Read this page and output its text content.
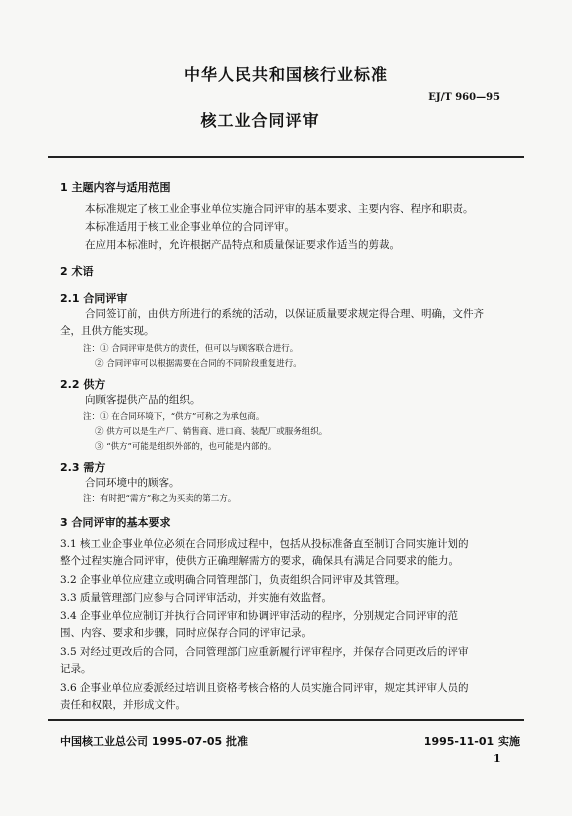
中华人民共和国核行业标准
EJ/T 960—95
核工业合同评审
1 主题内容与适用范围
本标准规定了核工业企事业单位实施合同评审的基本要求、主要内容、程序和职责。
本标准适用于核工业企事业单位的合同评审。
在应用本标准时，允许根据产品特点和质量保证要求作适当的剪裁。
2 术语
2.1 合同评审
合同签订前，由供方所进行的系统的活动，以保证质量要求规定得合理、明确，文件齐
全，且供方能实现。
注：① 合同评审是供方的责任，但可以与顾客联合进行。
② 合同评审可以根据需要在合同的不同阶段重复进行。
2.2 供方
向顾客提供产品的组织。
注：① 在合同环境下，“供方”可称之为承包商。
② 供方可以是生产厂、销售商、进口商、装配厂或服务组织。
③ “供方”可能是组织外部的，也可能是内部的。
2.3 需方
合同环境中的顾客。
注：有时把“需方”称之为买卖的第二方。
3 合同评审的基本要求
3.1 核工业企事业单位必须在合同形成过程中，包括从投标准备直至制订合同实施计划的
整个过程实施合同评审，使供方正确理解需方的要求，确保具有满足合同要求的能力。
3.2 企事业单位应建立或明确合同管理部门，负责组织合同评审及其管理。
3.3 质量管理部门应参与合同评审活动，并实施有效监督。
3.4 企事业单位应制订并执行合同评审和协调评审活动的程序，分别规定合同评审的范
围、内容、要求和步骤，同时应保存合同的评审记录。
3.5 对经过更改后的合同，合同管理部门应重新履行评审程序，并保存合同更改后的评审
记录。
3.6 企事业单位应委派经过培训且资格考核合格的人员实施合同评审，规定其评审人员的
责任和权限，并形成文件。
中国核工业总公司 1995-07-05 批准	1995-11-01 实施
1
